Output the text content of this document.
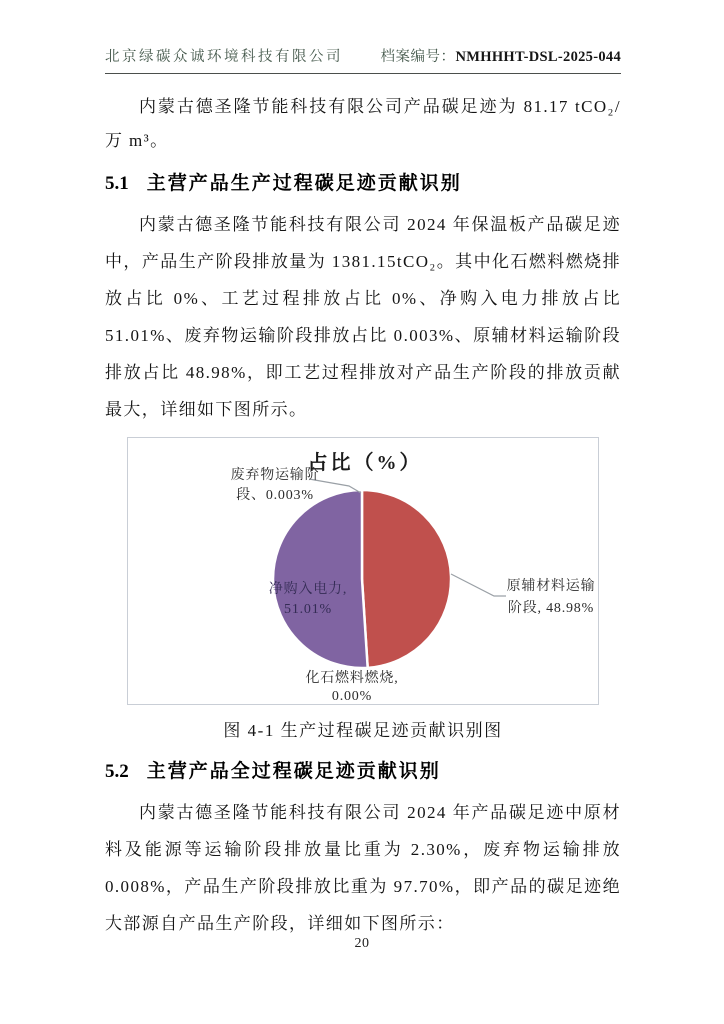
北京绿碳众诚环境科技有限公司	档案编号：NMHHHT-DSL-2025-044

内蒙古德圣隆节能科技有限公司产品碳足迹为 81.17 tCO₂/万 m³。

5.1 主营产品生产过程碳足迹贡献识别

内蒙古德圣隆节能科技有限公司 2024 年保温板产品碳足迹中，产品生产阶段排放量为 1381.15tCO₂。其中化石燃料燃烧排放占比 0%、工艺过程排放占比 0%、净购入电力排放占比 51.01%、废弃物运输阶段排放占比 0.003%、原辅材料运输阶段排放占比 48.98%，即工艺过程排放对产品生产阶段的排放贡献最大，详细如下图所示。

占比（%）
废弃物运输阶
段、0.003%
原辅材料运输
阶段, 48.98%
净购入电力,
51.01%
化石燃料燃烧,
0.00%

图 4-1 生产过程碳足迹贡献识别图

5.2 主营产品全过程碳足迹贡献识别

内蒙古德圣隆节能科技有限公司 2024 年产品碳足迹中原材料及能源等运输阶段排放量比重为 2.30%，废弃物运输排放 0.008%，产品生产阶段排放比重为 97.70%，即产品的碳足迹绝大部源自产品生产阶段，详细如下图所示：

20
